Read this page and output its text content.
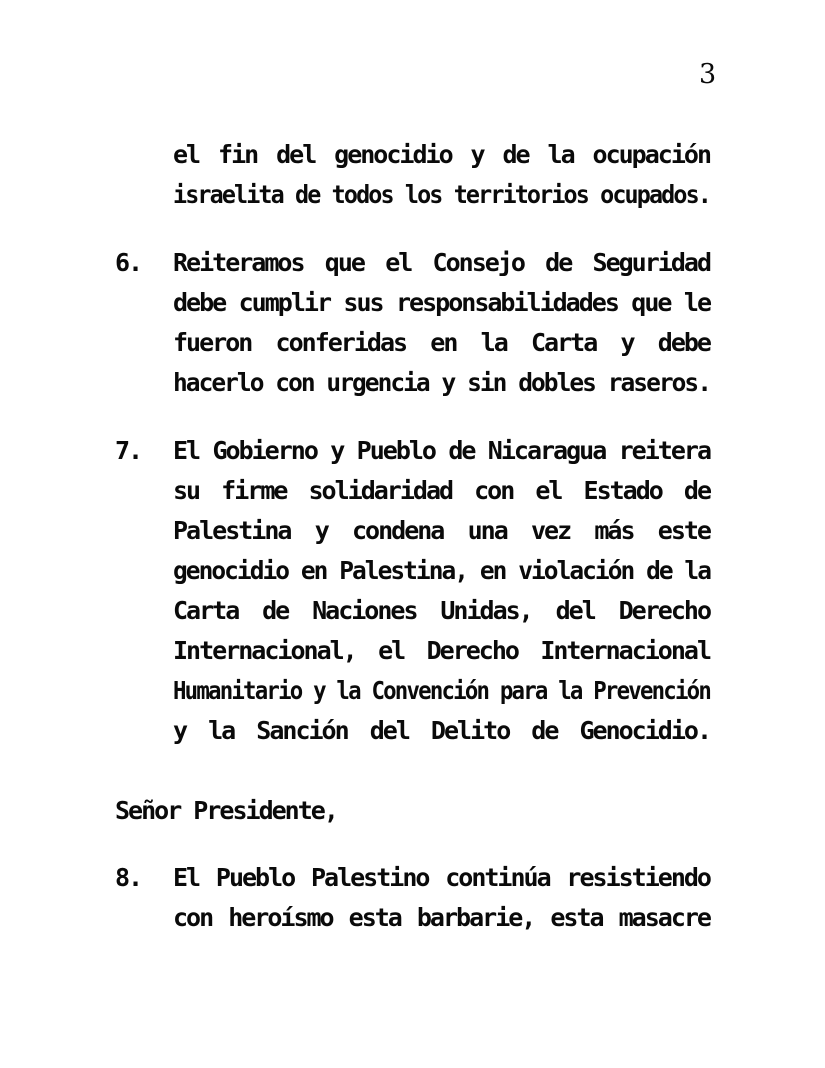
3
el fin del genocidio y de la ocupación
israelita de todos los territorios ocupados.
6. Reiteramos que el Consejo de Seguridad
debe cumplir sus responsabilidades que le
fueron conferidas en la Carta y debe
hacerlo con urgencia y sin dobles raseros.
7. El Gobierno y Pueblo de Nicaragua reitera
su firme solidaridad con el Estado de
Palestina y condena una vez más este
genocidio en Palestina, en violación de la
Carta de Naciones Unidas, del Derecho
Internacional, el Derecho Internacional
Humanitario y la Convención para la Prevención
y la Sanción del Delito de Genocidio.
Señor Presidente,
8. El Pueblo Palestino continúa resistiendo
con heroísmo esta barbarie, esta masacre
